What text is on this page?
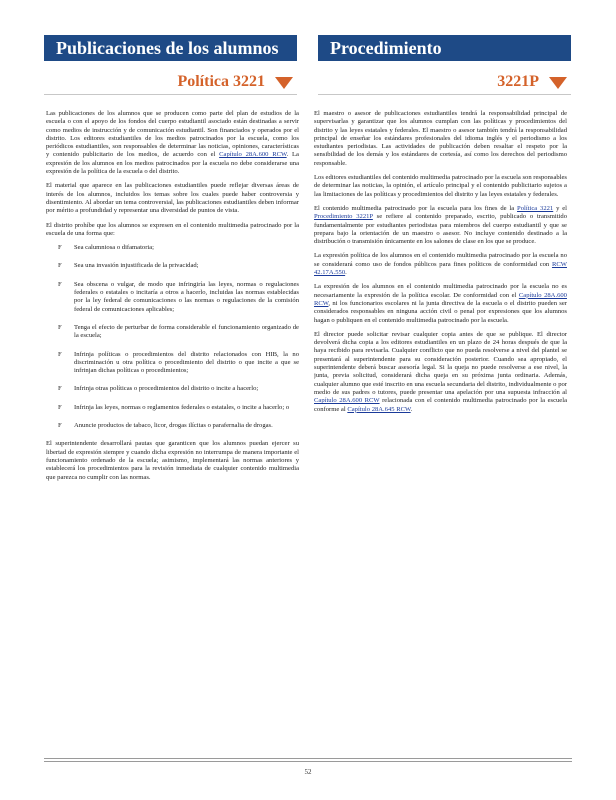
Publicaciones de los alumnos	Procedimiento
Política 3221	3221P

Las publicaciones de los alumnos que se producen como parte del plan de estudios de la escuela o con el apoyo de los fondos del cuerpo estudiantil asociado están destinadas a servir como medios de instrucción y de comunicación estudiantil. Son financiados y operados por el distrito. Los editores estudiantiles de los medios patrocinados por la escuela, como los periódicos estudiantiles, son responsables de determinar las noticias, opiniones, características y contenido publicitario de los medios, de acuerdo con el Capítulo 28A.600 RCW. La expresión de los alumnos en los medios patrocinados por la escuela no debe considerarse una expresión de la política de la escuela o del distrito.

El material que aparece en las publicaciones estudiantiles puede reflejar diversas áreas de interés de los alumnos, incluidos los temas sobre los cuales puede haber controversia y disentimiento. Al abordar un tema controversial, las publicaciones estudiantiles deben informar por mérito a profundidad y representar una diversidad de puntos de vista.

El distrito prohíbe que los alumnos se expresen en el contenido multimedia patrocinado por la escuela de una forma que:

F Sea calumniosa o difamatoria;
F Sea una invasión injustificada de la privacidad;
F Sea obscena o vulgar, de modo que infringiría las leyes, normas o regulaciones federales o estatales o incitaría a otros a hacerlo, incluidas las normas establecidas por la ley federal de comunicaciones o las normas o regulaciones de la comisión federal de comunicaciones aplicables;
F Tenga el efecto de perturbar de forma considerable el funcionamiento organizado de la escuela;
F Infrinja políticas o procedimientos del distrito relacionados con HIB, la no discriminación u otra política o procedimiento del distrito o que incite a que se infrinjan dichas políticas o procedimientos;
F Infrinja otras políticas o procedimientos del distrito o incite a hacerlo;
F Infrinja las leyes, normas o reglamentos federales o estatales, o incite a hacerlo; o
F Anuncie productos de tabaco, licor, drogas ilícitas o parafernalia de drogas.

El superintendente desarrollará pautas que garanticen que los alumnos puedan ejercer su libertad de expresión siempre y cuando dicha expresión no interrumpa de manera importante el funcionamiento ordenado de la escuela; asimismo, implementará las normas anteriores y establecerá los procedimientos para la revisión inmediata de cualquier contenido multimedia que parezca no cumplir con las normas.

El maestro o asesor de publicaciones estudiantiles tendrá la responsabilidad principal de supervisarlas y garantizar que los alumnos cumplan con las políticas y procedimientos del distrito y las leyes estatales y federales. El maestro o asesor también tendrá la responsabilidad principal de enseñar los estándares profesionales del idioma inglés y el periodismo a los estudiantes periodistas. Las actividades de publicación deben resaltar el respeto por la sensibilidad de los demás y los estándares de cortesía, así como los derechos del periodismo responsable.

Los editores estudiantiles del contenido multimedia patrocinado por la escuela son responsables de determinar las noticias, la opinión, el artículo principal y el contenido publicitario sujetos a las limitaciones de las políticas y procedimientos del distrito y las leyes estatales y federales.

El contenido multimedia patrocinado por la escuela para los fines de la Política 3221 y el Procedimiento 3221P se refiere al contenido preparado, escrito, publicado o transmitido fundamentalmente por estudiantes periodistas para miembros del cuerpo estudiantil y que se prepara bajo la orientación de un maestro o asesor. No incluye contenido destinado a la distribución o transmisión únicamente en los salones de clase en los que se produce.

La expresión política de los alumnos en el contenido multimedia patrocinado por la escuela no se considerará como uso de fondos públicos para fines políticos de conformidad con RCW 42.17A.550.

La expresión de los alumnos en el contenido multimedia patrocinado por la escuela no es necesariamente la expresión de la política escolar. De conformidad con el Capítulo 28A.600 RCW, ni los funcionarios escolares ni la junta directiva de la escuela o el distrito pueden ser considerados responsables en ninguna acción civil o penal por expresiones que los alumnos hagan o publiquen en el contenido multimedia patrocinado por la escuela.

El director puede solicitar revisar cualquier copia antes de que se publique. El director devolverá dicha copia a los editores estudiantiles en un plazo de 24 horas después de que la haya recibido para revisarla. Cualquier conflicto que no pueda resolverse a nivel del plantel se presentará al superintendente para su consideración posterior. Cuando sea apropiado, el superintendente deberá buscar asesoría legal. Si la queja no puede resolverse a ese nivel, la junta, previa solicitud, considerará dicha queja en su próxima junta ordinaria. Además, cualquier alumno que esté inscrito en una escuela secundaria del distrito, individualmente o por medio de sus padres o tutores, puede presentar una apelación por una supuesta infracción al Capítulo 28A.600 RCW relacionada con el contenido multimedia patrocinado por la escuela conforme al Capítulo 28A.645 RCW.

52
